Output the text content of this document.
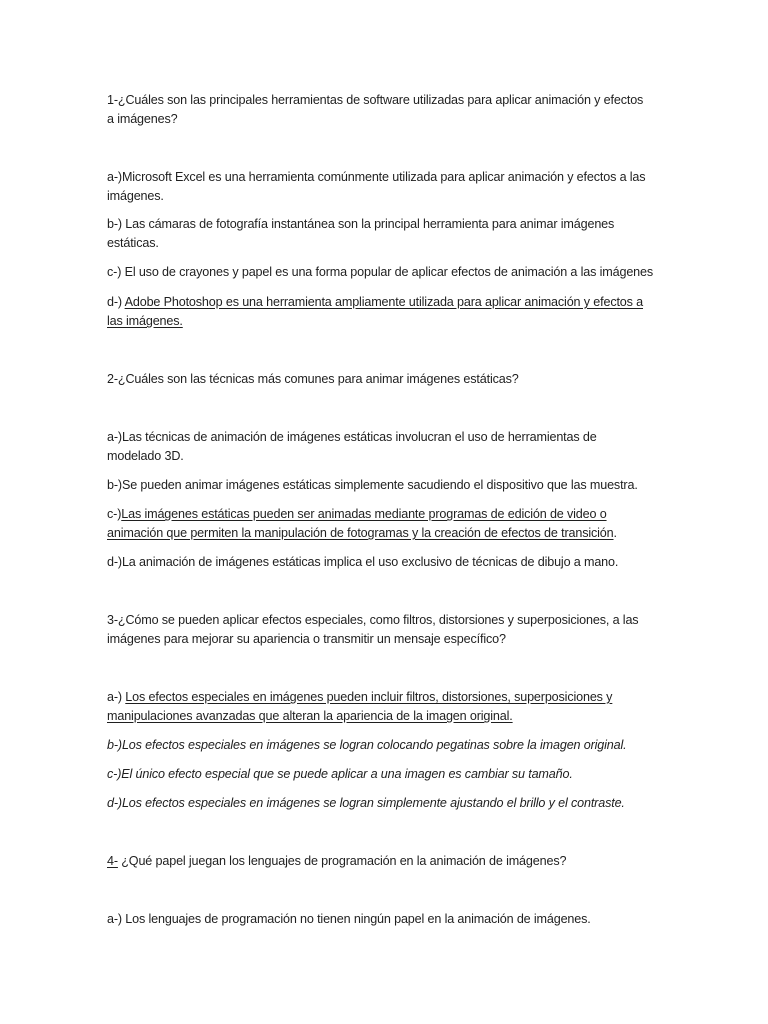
1-¿Cuáles son las principales herramientas de software utilizadas para aplicar animación y efectos
a imágenes?
a-)Microsoft Excel es una herramienta comúnmente utilizada para aplicar animación y efectos a las
imágenes.
b-) Las cámaras de fotografía instantánea son la principal herramienta para animar imágenes
estáticas.
c-) El uso de crayones y papel es una forma popular de aplicar efectos de animación a las imágenes
d-) Adobe Photoshop es una herramienta ampliamente utilizada para aplicar animación y efectos a
las imágenes.
2-¿Cuáles son las técnicas más comunes para animar imágenes estáticas?
a-)Las técnicas de animación de imágenes estáticas involucran el uso de herramientas de
modelado 3D.
b-)Se pueden animar imágenes estáticas simplemente sacudiendo el dispositivo que las muestra.
c-)Las imágenes estáticas pueden ser animadas mediante programas de edición de video o
animación que permiten la manipulación de fotogramas y la creación de efectos de transición.
d-)La animación de imágenes estáticas implica el uso exclusivo de técnicas de dibujo a mano.
3-¿Cómo se pueden aplicar efectos especiales, como filtros, distorsiones y superposiciones, a las
imágenes para mejorar su apariencia o transmitir un mensaje específico?
a-) Los efectos especiales en imágenes pueden incluir filtros, distorsiones, superposiciones y
manipulaciones avanzadas que alteran la apariencia de la imagen original.
b-)Los efectos especiales en imágenes se logran colocando pegatinas sobre la imagen original.
c-)El único efecto especial que se puede aplicar a una imagen es cambiar su tamaño.
d-)Los efectos especiales en imágenes se logran simplemente ajustando el brillo y el contraste.
4- ¿Qué papel juegan los lenguajes de programación en la animación de imágenes?
a-) Los lenguajes de programación no tienen ningún papel en la animación de imágenes.
